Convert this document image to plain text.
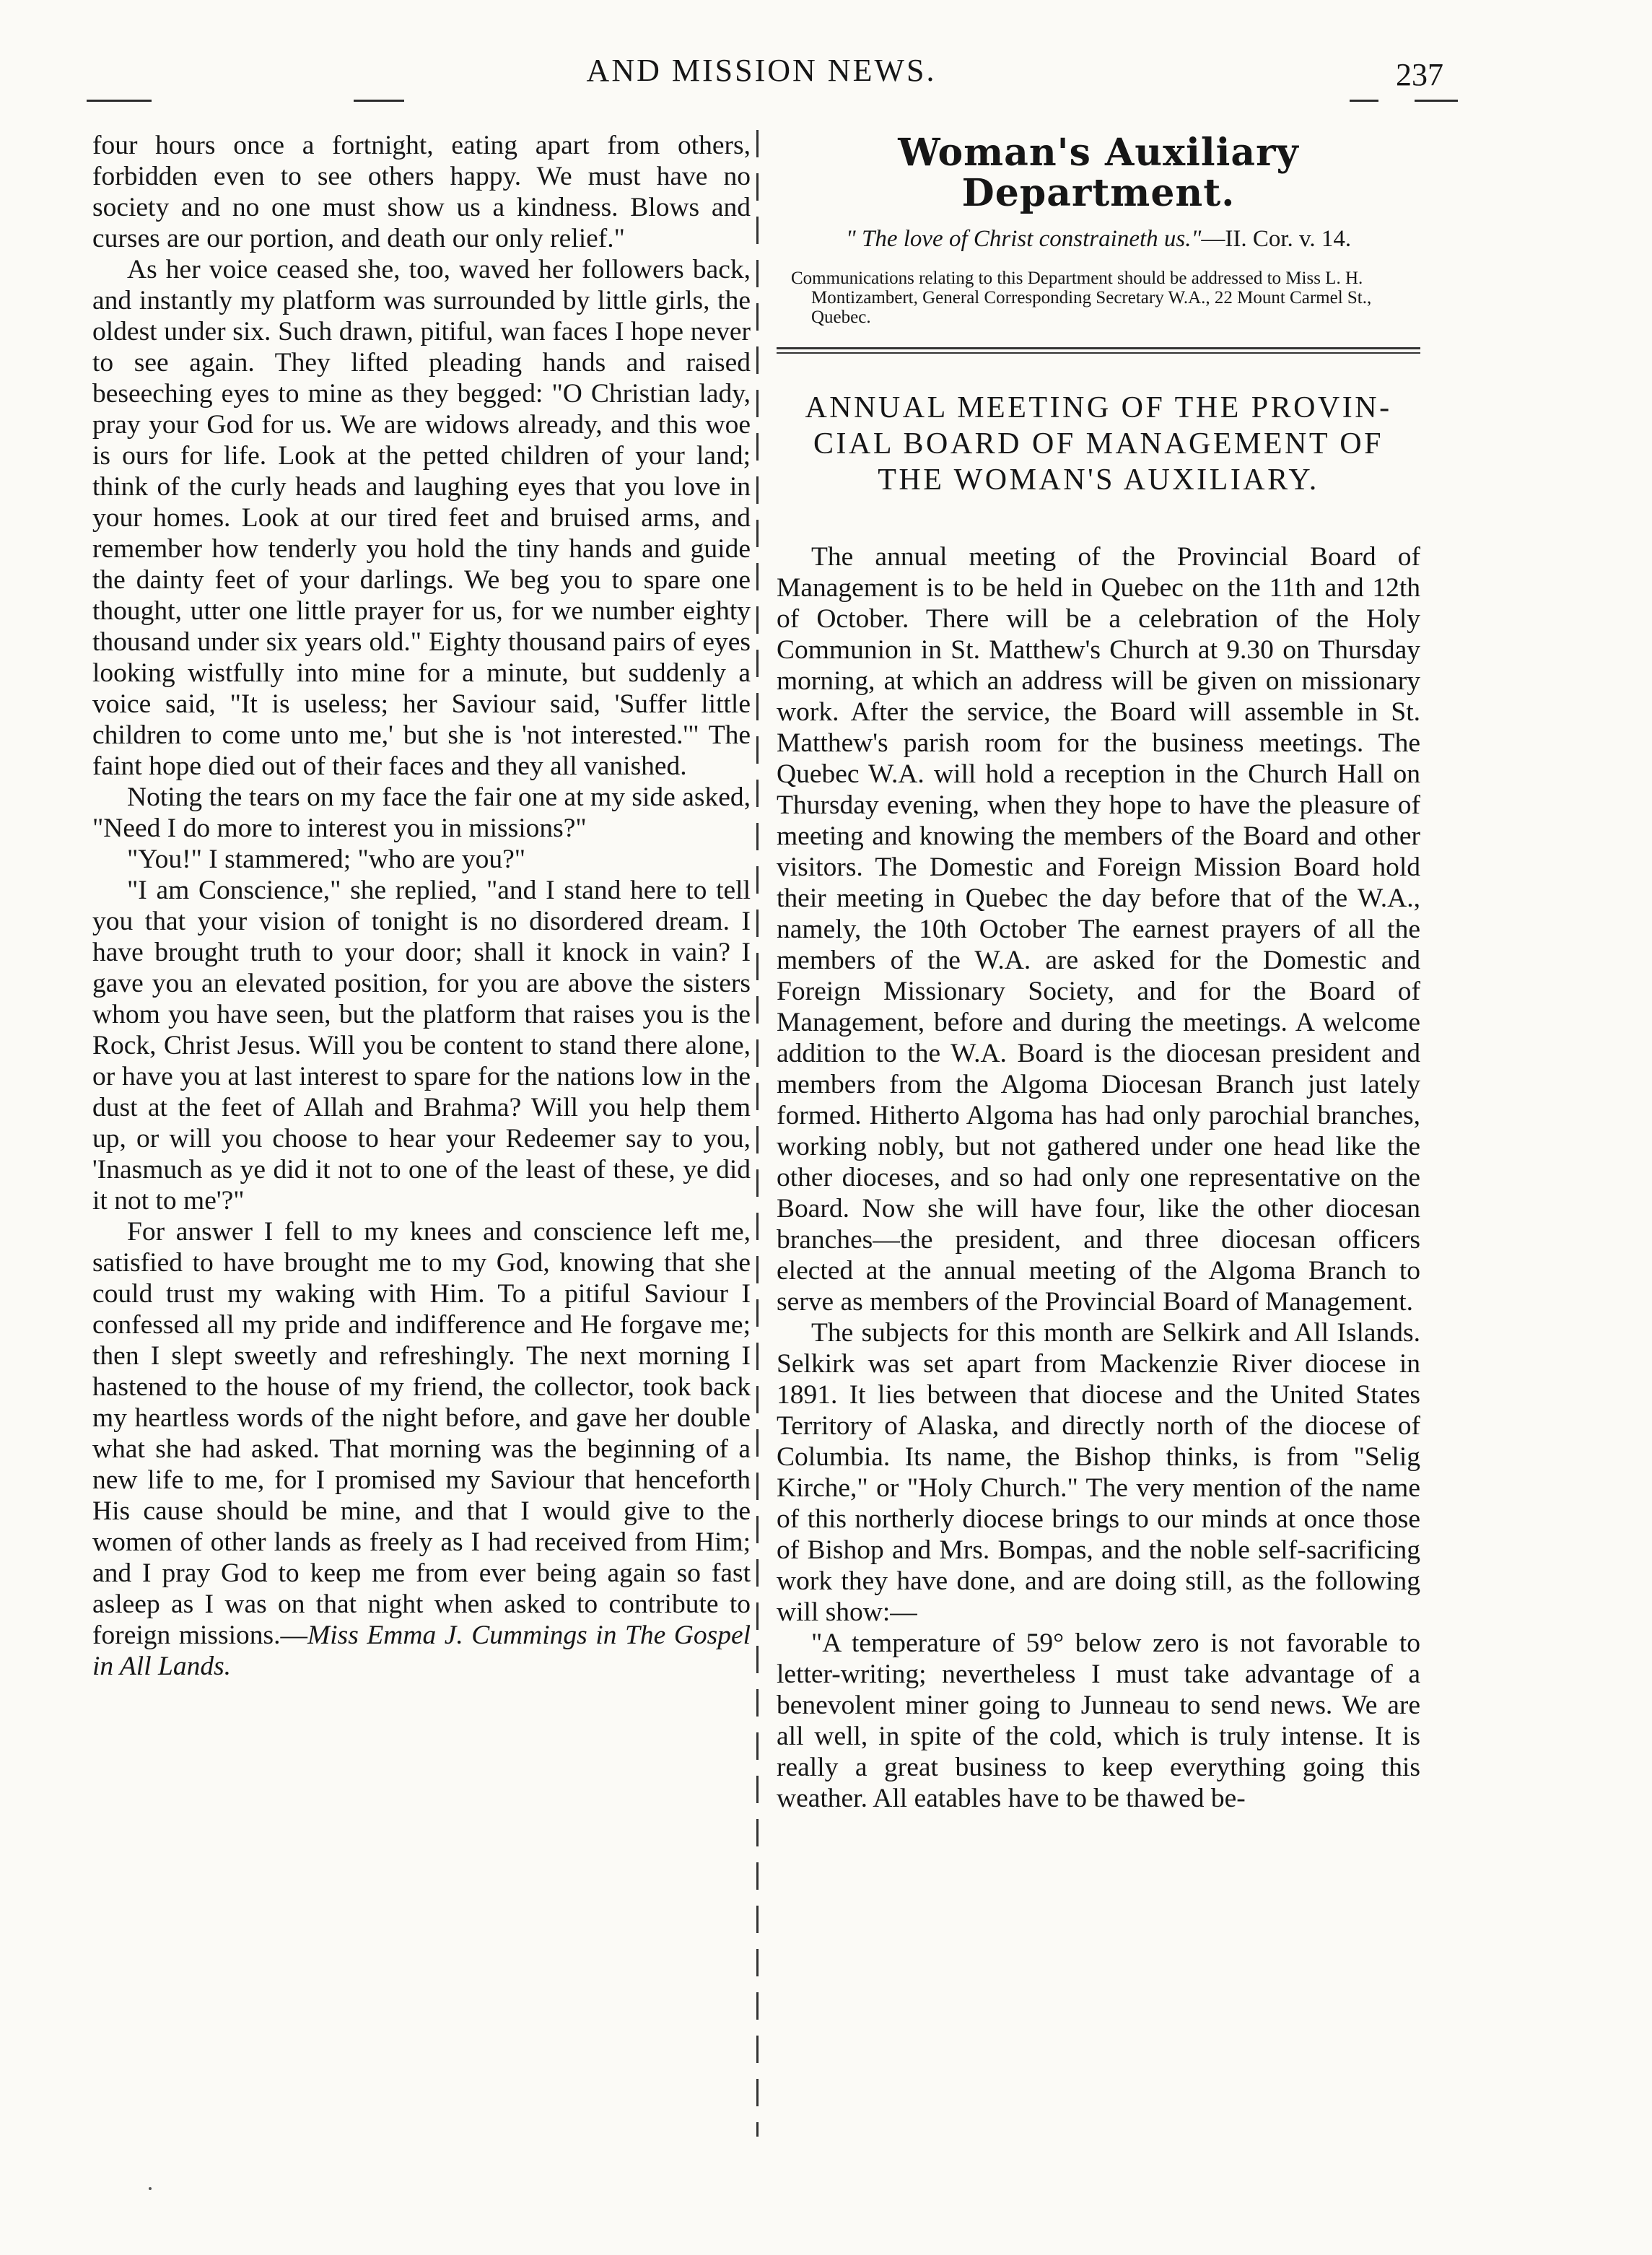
AND MISSION NEWS.	237

four hours once a fortnight, eating apart from others, forbidden even to see others happy. We must have no society and no one must show us a kindness. Blows and curses are our portion, and death our only relief."

As her voice ceased she, too, waved her followers back, and instantly my platform was surrounded by little girls, the oldest under six. Such drawn, pitiful, wan faces I hope never to see again. They lifted pleading hands and raised beseeching eyes to mine as they begged: "O Christian lady, pray your God for us. We are widows already, and this woe is ours for life. Look at the petted children of your land; think of the curly heads and laughing eyes that you love in your homes. Look at our tired feet and bruised arms, and remember how tenderly you hold the tiny hands and guide the dainty feet of your darlings. We beg you to spare one thought, utter one little prayer for us, for we number eighty thousand under six years old." Eighty thousand pairs of eyes looking wistfully into mine for a minute, but suddenly a voice said, "It is useless; her Saviour said, 'Suffer little children to come unto me,' but she is 'not interested.'" The faint hope died out of their faces and they all vanished.

Noting the tears on my face the fair one at my side asked, "Need I do more to interest you in missions?"

"You!" I stammered; "who are you?"

"I am Conscience," she replied, "and I stand here to tell you that your vision of tonight is no disordered dream. I have brought truth to your door; shall it knock in vain? I gave you an elevated position, for you are above the sisters whom you have seen, but the platform that raises you is the Rock, Christ Jesus. Will you be content to stand there alone, or have you at last interest to spare for the nations low in the dust at the feet of Allah and Brahma? Will you help them up, or will you choose to hear your Redeemer say to you, 'Inasmuch as ye did it not to one of the least of these, ye did it not to me'?"

For answer I fell to my knees and conscience left me, satisfied to have brought me to my God, knowing that she could trust my waking with Him. To a pitiful Saviour I confessed all my pride and indifference and He forgave me; then I slept sweetly and refreshingly. The next morning I hastened to the house of my friend, the collector, took back my heartless words of the night before, and gave her double what she had asked. That morning was the beginning of a new life to me, for I promised my Saviour that henceforth His cause should be mine, and that I would give to the women of other lands as freely as I had received from Him; and I pray God to keep me from ever being again so fast asleep as I was on that night when asked to contribute to foreign missions.—Miss Emma J. Cummings in The Gospel in All Lands.

Woman's Auxiliary Department.
" The love of Christ constraineth us."—II. Cor. v. 14.
Communications relating to this Department should be addressed to Miss L. H. Montizambert, General Corresponding Secretary W.A., 22 Mount Carmel St., Quebec.
ANNUAL MEETING OF THE PROVIN-
CIAL BOARD OF MANAGEMENT OF
THE WOMAN'S AUXILIARY.

The annual meeting of the Provincial Board of Management is to be held in Quebec on the 11th and 12th of October. There will be a celebration of the Holy Communion in St. Matthew's Church at 9.30 on Thursday morning, at which an address will be given on missionary work. After the service, the Board will assemble in St. Matthew's parish room for the business meetings. The Quebec W.A. will hold a reception in the Church Hall on Thursday evening, when they hope to have the pleasure of meeting and knowing the members of the Board and other visitors. The Domestic and Foreign Mission Board hold their meeting in Quebec the day before that of the W.A., namely, the 10th October The earnest prayers of all the members of the W.A. are asked for the Domestic and Foreign Missionary Society, and for the Board of Management, before and during the meetings. A welcome addition to the W.A. Board is the diocesan president and members from the Algoma Diocesan Branch just lately formed. Hitherto Algoma has had only parochial branches, working nobly, but not gathered under one head like the other dioceses, and so had only one representative on the Board. Now she will have four, like the other diocesan branches—the president, and three diocesan officers elected at the annual meeting of the Algoma Branch to serve as members of the Provincial Board of Management.

The subjects for this month are Selkirk and All Islands. Selkirk was set apart from Mackenzie River diocese in 1891. It lies between that diocese and the United States Territory of Alaska, and directly north of the diocese of Columbia. Its name, the Bishop thinks, is from "Selig Kirche," or "Holy Church." The very mention of the name of this northerly diocese brings to our minds at once those of Bishop and Mrs. Bompas, and the noble self-sacrificing work they have done, and are doing still, as the following will show:—

"A temperature of 59° below zero is not favorable to letter-writing; nevertheless I must take advantage of a benevolent miner going to Junneau to send news. We are all well, in spite of the cold, which is truly intense. It is really a great business to keep everything going this weather. All eatables have to be thawed be-
